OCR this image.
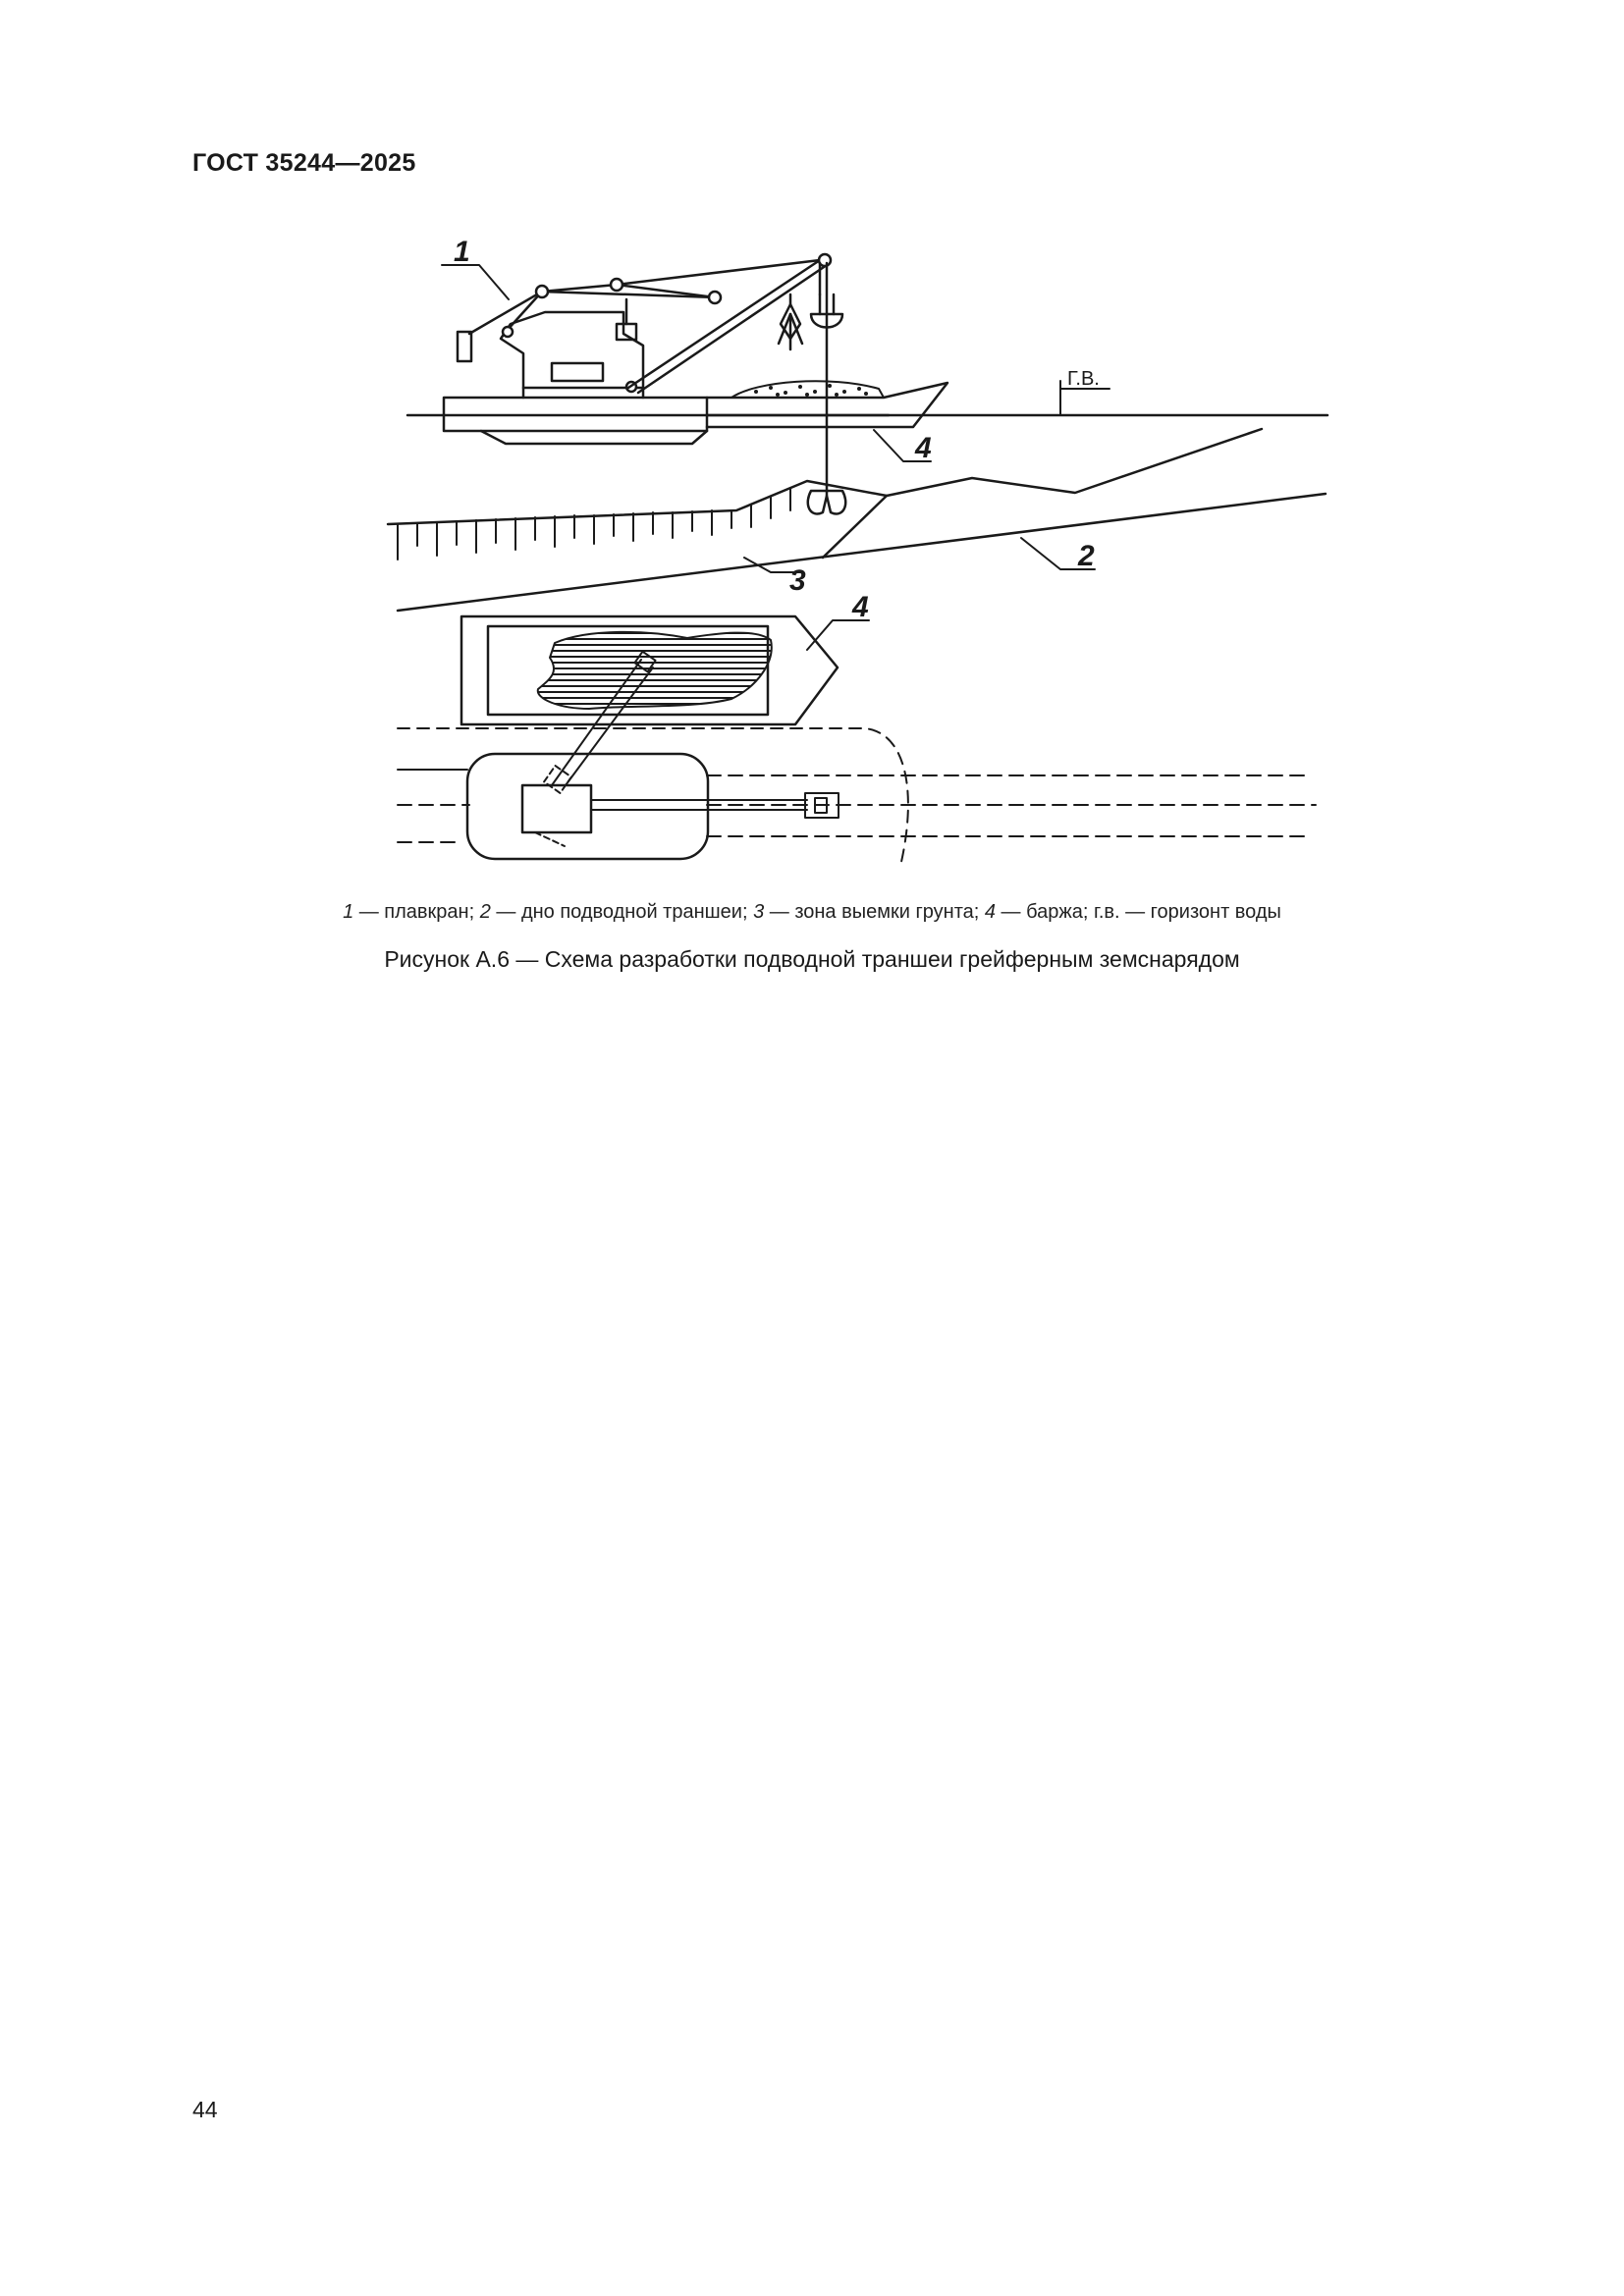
ГОСТ 35244—2025
1
2
3
4
4
Г.В.
1 — плавкран; 2 — дно подводной траншеи; 3 — зона выемки грунта; 4 — баржа; г.в. — горизонт воды
Рисунок А.6 — Схема разработки подводной траншеи грейферным земснарядом
44
